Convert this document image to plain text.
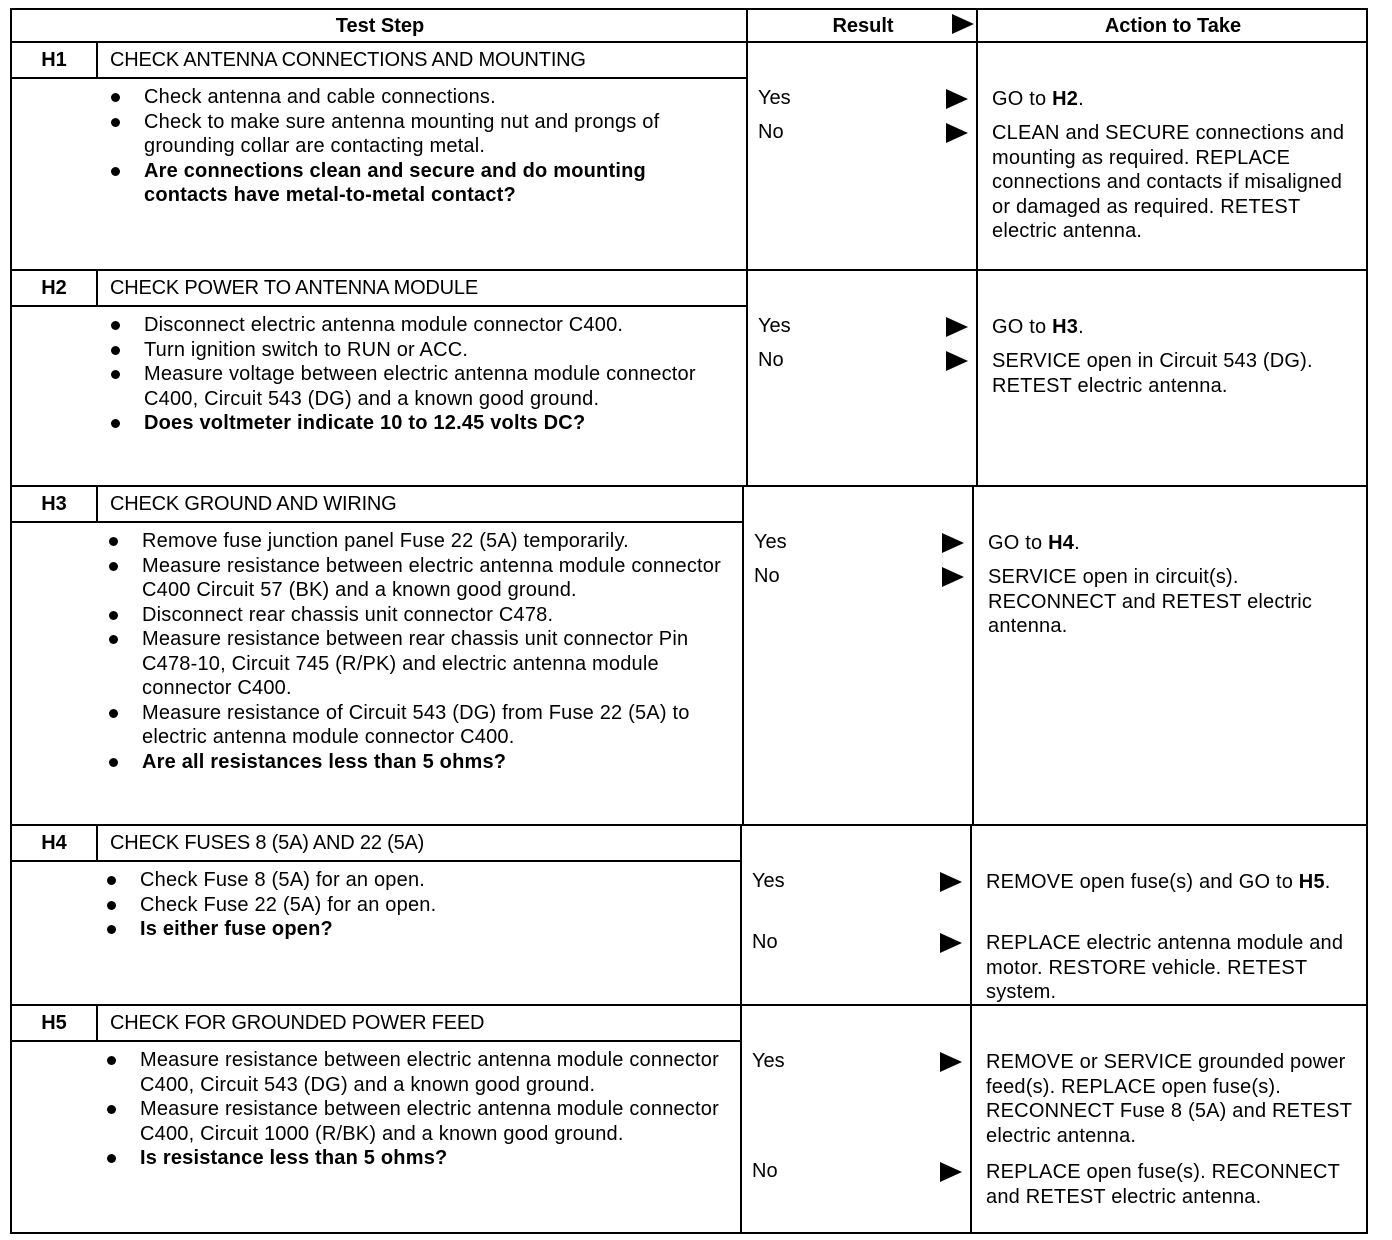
Test Step	Result	Action to Take
H1	CHECK ANTENNA CONNECTIONS AND MOUNTING
Check antenna and cable connections.
Check to make sure antenna mounting nut and prongs of grounding collar are contacting metal.
Are connections clean and secure and do mounting contacts have metal-to-metal contact?
Yes	GO to H2.
No	CLEAN and SECURE connections and mounting as required. REPLACE connections and contacts if misaligned or damaged as required. RETEST electric antenna.
H2	CHECK POWER TO ANTENNA MODULE
Disconnect electric antenna module connector C400.
Turn ignition switch to RUN or ACC.
Measure voltage between electric antenna module connector C400, Circuit 543 (DG) and a known good ground.
Does voltmeter indicate 10 to 12.45 volts DC?
Yes	GO to H3.
No	SERVICE open in Circuit 543 (DG). RETEST electric antenna.
H3	CHECK GROUND AND WIRING
Remove fuse junction panel Fuse 22 (5A) temporarily.
Measure resistance between electric antenna module connector C400 Circuit 57 (BK) and a known good ground.
Disconnect rear chassis unit connector C478.
Measure resistance between rear chassis unit connector Pin C478-10, Circuit 745 (R/PK) and electric antenna module connector C400.
Measure resistance of Circuit 543 (DG) from Fuse 22 (5A) to electric antenna module connector C400.
Are all resistances less than 5 ohms?
Yes	GO to H4.
No	SERVICE open in circuit(s). RECONNECT and RETEST electric antenna.
H4	CHECK FUSES 8 (5A) AND 22 (5A)
Check Fuse 8 (5A) for an open.
Check Fuse 22 (5A) for an open.
Is either fuse open?
Yes	REMOVE open fuse(s) and GO to H5.
No	REPLACE electric antenna module and motor. RESTORE vehicle. RETEST system.
H5	CHECK FOR GROUNDED POWER FEED
Measure resistance between electric antenna module connector C400, Circuit 543 (DG) and a known good ground.
Measure resistance between electric antenna module connector C400, Circuit 1000 (R/BK) and a known good ground.
Is resistance less than 5 ohms?
Yes	REMOVE or SERVICE grounded power feed(s). REPLACE open fuse(s). RECONNECT Fuse 8 (5A) and RETEST electric antenna.
No	REPLACE open fuse(s). RECONNECT and RETEST electric antenna.
